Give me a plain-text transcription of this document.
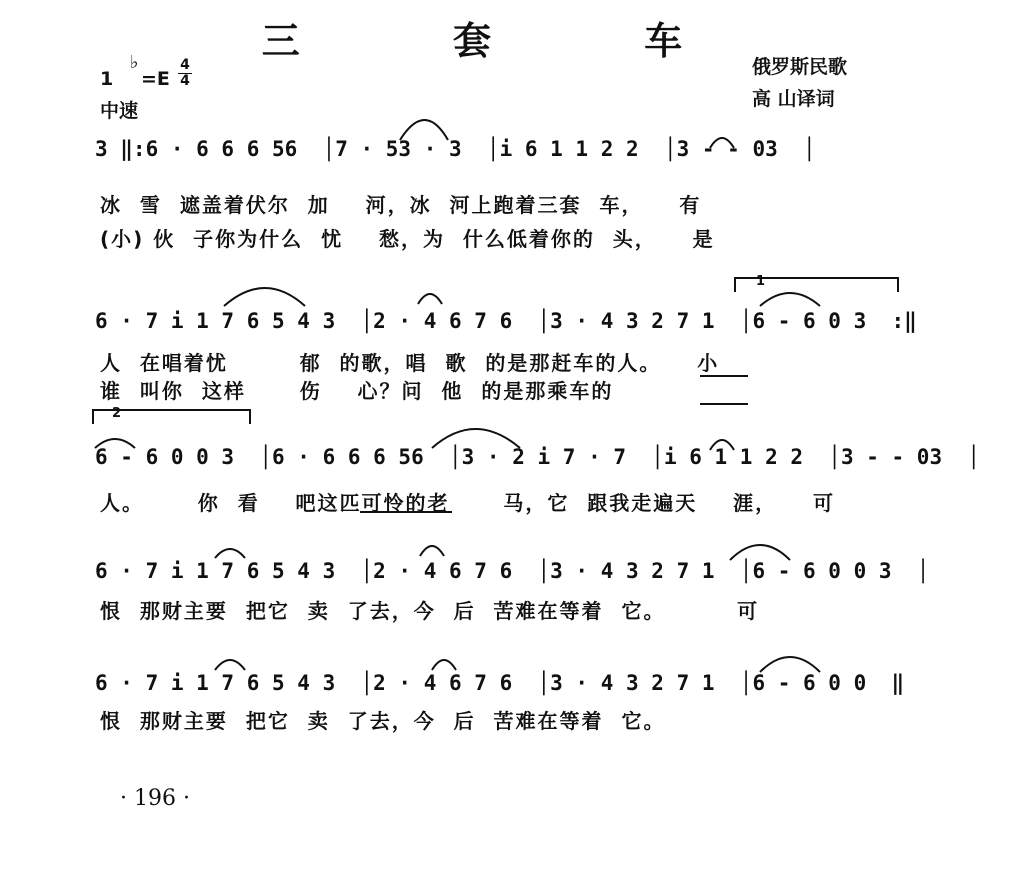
三 套 车
1
♭
=E
4
4
中速
俄罗斯民歌
高 山译词
3 ‖:6 · 6 6 6 56  │7 · 53 · 3  │i 6 1 1 2 2  │3 - - 03  │
冰  雪  遮盖着伏尔  加    河，冰  河上跑着三套  车，    有
(小) 伙  子你为什么  忧    愁，为  什么低着你的  头，    是
6 · 7 i 1 7 6 5 4 3  │2 · 4 6 7 6  │3 · 4 3 2 7 1  │6 - 6 0 3  :‖
人  在唱着忧        郁  的歌，唱  歌  的是那赶车的人。    小
谁  叫你  这样      伤    心？问  他  的是那乘车的
6 - 6 0 0 3  │6 · 6 6 6 56  │3 · 2 i 7 · 7  │i 6 1 1 2 2  │3 - - 03  │
人。      你  看    吧这匹可怜的老      马，它  跟我走遍天    涯，    可
6 · 7 i 1 7 6 5 4 3  │2 · 4 6 7 6  │3 · 4 3 2 7 1  │6 - 6 0 0 3  │
恨  那财主要  把它  卖  了去，今  后  苦难在等着  它。        可
6 · 7 i 1 7 6 5 4 3  │2 · 4 6 7 6  │3 · 4 3 2 7 1  │6 - 6 0 0  ‖
恨  那财主要  把它  卖  了去，今  后  苦难在等着  它。
1
2
· 196 ·
